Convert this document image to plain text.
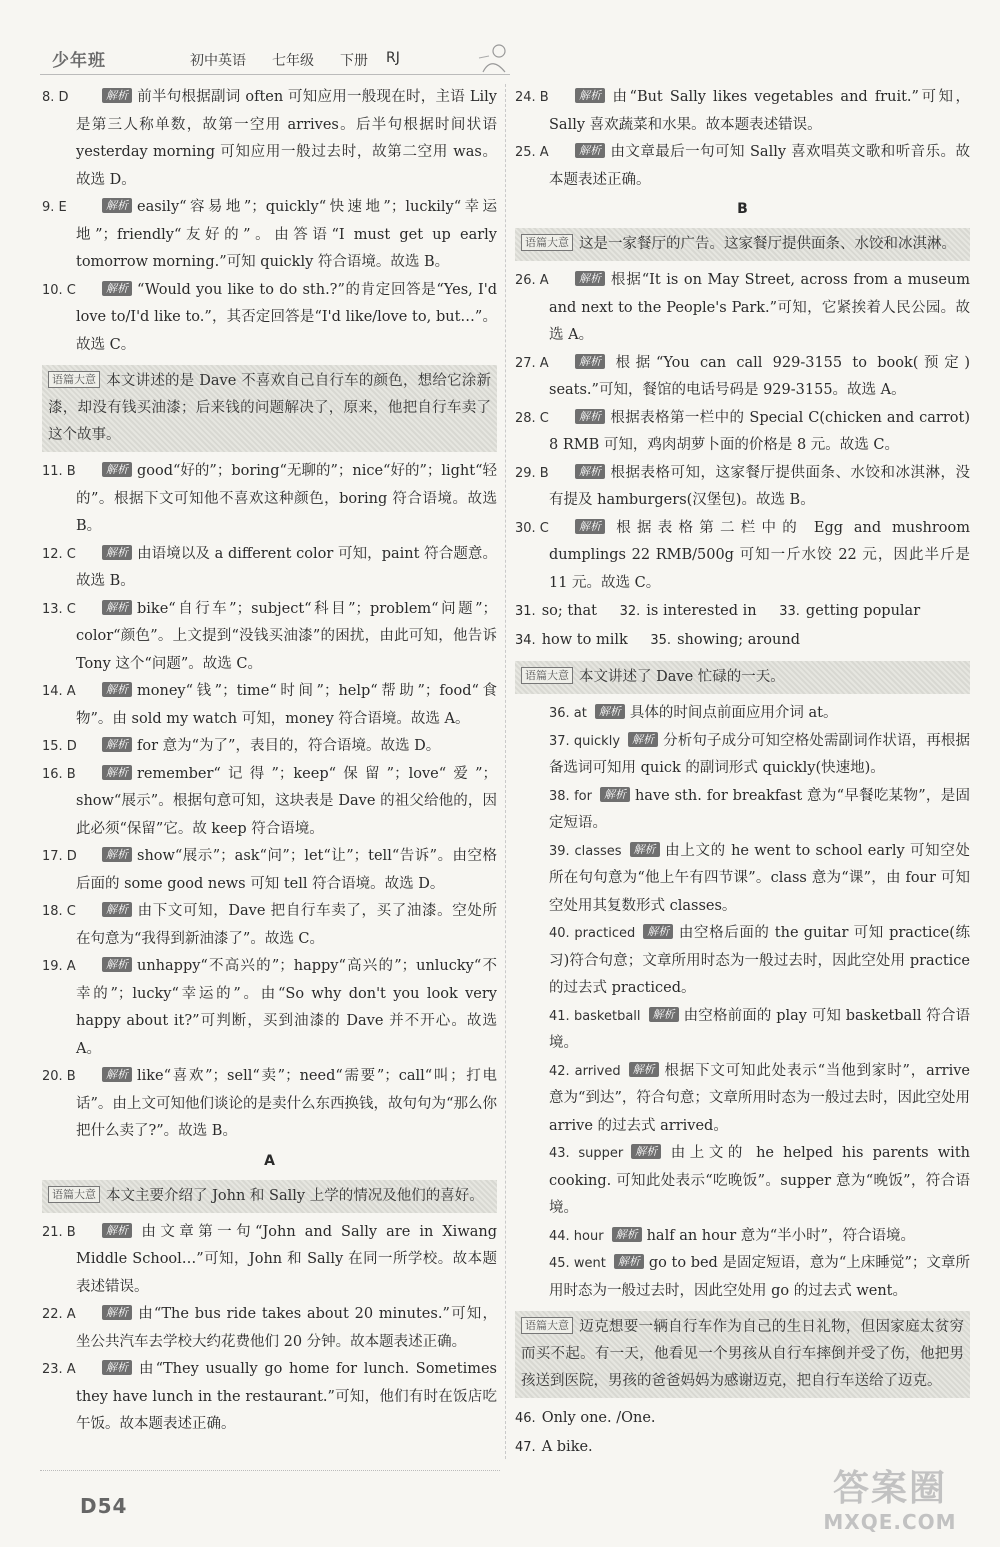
少年班	初中英语 七年级 下册 RJ

8. D	解析 前半句根据副词 often 可知应用一般现在时，主语 Lily 是第三人称单数，故第一空用 arrives。后半句根据时间状语 yesterday morning 可知应用一般过去时，故第二空用 was。故选 D。

9. E	解析 easily“容易地”；quickly“快速地”；luckily“幸运地”；friendly“友好的”。由答语“I must get up early tomorrow morning.”可知 quickly 符合语境。故选 B。

10. C	解析 “Would you like to do sth.?”的肯定回答是“Yes, I'd love to/I'd like to.”，其否定回答是“I'd like/love to, but…”。故选 C。

语篇大意 本文讲述的是 Dave 不喜欢自己自行车的颜色，想给它涂新漆，却没有钱买油漆；后来钱的问题解决了，原来，他把自行车卖了这个故事。

11. B	解析 good“好的”；boring“无聊的”；nice“好的”；light“轻的”。根据下文可知他不喜欢这种颜色，boring 符合语境。故选 B。

12. C	解析 由语境以及 a different color 可知，paint 符合题意。故选 B。

13. C	解析 bike“自行车”；subject“科目”；problem“问题”；color“颜色”。上文提到“没钱买油漆”的困扰，由此可知，他告诉 Tony 这个“问题”。故选 C。

14. A	解析 money“钱”；time“时间”；help“帮助”；food“食物”。由 sold my watch 可知，money 符合语境。故选 A。

15. D	解析 for 意为“为了”，表目的，符合语境。故选 D。

16. B	解析 remember“记得”；keep“保留”；love“爱”；show“展示”。根据句意可知，这块表是 Dave 的祖父给他的，因此必须“保留”它。故 keep 符合语境。

17. D	解析 show“展示”；ask“问”；let“让”；tell“告诉”。由空格后面的 some good news 可知 tell 符合语境。故选 D。

18. C	解析 由下文可知，Dave 把自行车卖了，买了油漆。空处所在句意为“我得到新油漆了”。故选 C。

19. A	解析 unhappy“不高兴的”；happy“高兴的”；unlucky“不幸的”；lucky“幸运的”。由“So why don't you look very happy about it?”可判断，买到油漆的 Dave 并不开心。故选 A。

20. B	解析 like“喜欢”；sell“卖”；need“需要”；call“叫；打电话”。由上文可知他们谈论的是卖什么东西换钱，故句句为“那么你把什么卖了?”。故选 B。

A
语篇大意 本文主要介绍了 John 和 Sally 上学的情况及他们的喜好。

21. B	解析 由文章第一句“John and Sally are in Xiwang Middle School…”可知，John 和 Sally 在同一所学校。故本题表述错误。

22. A	解析 由“The bus ride takes about 20 minutes.”可知，坐公共汽车去学校大约花费他们 20 分钟。故本题表述正确。

23. A	解析 由“They usually go home for lunch. Sometimes they have lunch in the restaurant.”可知，他们有时在饭店吃午饭。故本题表述正确。

24. B	解析 由“But Sally likes vegetables and fruit.”可知，Sally 喜欢蔬菜和水果。故本题表述错误。

25. A	解析 由文章最后一句可知 Sally 喜欢唱英文歌和听音乐。故本题表述正确。

B
语篇大意 这是一家餐厅的广告。这家餐厅提供面条、水饺和冰淇淋。

26. A	解析 根据“It is on May Street, across from a museum and next to the People's Park.”可知，它紧挨着人民公园。故选 A。

27. A	解析 根据“You can call 929-3155 to book(预定) seats.”可知，餐馆的电话号码是 929-3155。故选 A。

28. C	解析 根据表格第一栏中的 Special C(chicken and carrot) 8 RMB 可知，鸡肉胡萝卜面的价格是 8 元。故选 C。

29. B	解析 根据表格可知，这家餐厅提供面条、水饺和冰淇淋，没有提及 hamburgers(汉堡包)。故选 B。

30. C	解析 根据表格第二栏中的 Egg and mushroom dumplings 22 RMB/500g 可知一斤水饺 22 元，因此半斤是 11 元。故选 C。

31. so; that 32. is interested in 33. getting popular
34. how to milk 35. showing; around
语篇大意 本文讲述了 Dave 忙碌的一天。

36. at 解析 具体的时间点前面应用介词 at。

37. quickly 解析 分析句子成分可知空格处需副词作状语，再根据备选词可知用 quick 的副词形式 quickly(快速地)。

38. for 解析 have sth. for breakfast 意为“早餐吃某物”，是固定短语。

39. classes 解析 由上文的 he went to school early 可知空处所在句句意为“他上午有四节课”。class 意为“课”，由 four 可知空处用其复数形式 classes。

40. practiced 解析 由空格后面的 the guitar 可知 practice(练习)符合句意；文章所用时态为一般过去时，因此空处用 practice 的过去式 practiced。

41. basketball 解析 由空格前面的 play 可知 basketball 符合语境。

42. arrived 解析 根据下文可知此处表示“当他到家时”，arrive 意为“到达”，符合句意；文章所用时态为一般过去时，因此空处用 arrive 的过去式 arrived。

43. supper 解析 由上文的 he helped his parents with cooking. 可知此处表示“吃晚饭”。supper 意为“晚饭”，符合语境。

44. hour 解析 half an hour 意为“半小时”，符合语境。

45. went 解析 go to bed 是固定短语，意为“上床睡觉”；文章所用时态为一般过去时，因此空处用 go 的过去式 went。

语篇大意 迈克想要一辆自行车作为自己的生日礼物，但因家庭太贫穷而买不起。有一天，他看见一个男孩从自行车摔倒并受了伤，他把男孩送到医院，男孩的爸爸妈妈为感谢迈克，把自行车送给了迈克。
46. Only one. /One.
47. A bike.
D54	答案圈
MXQE.COM
